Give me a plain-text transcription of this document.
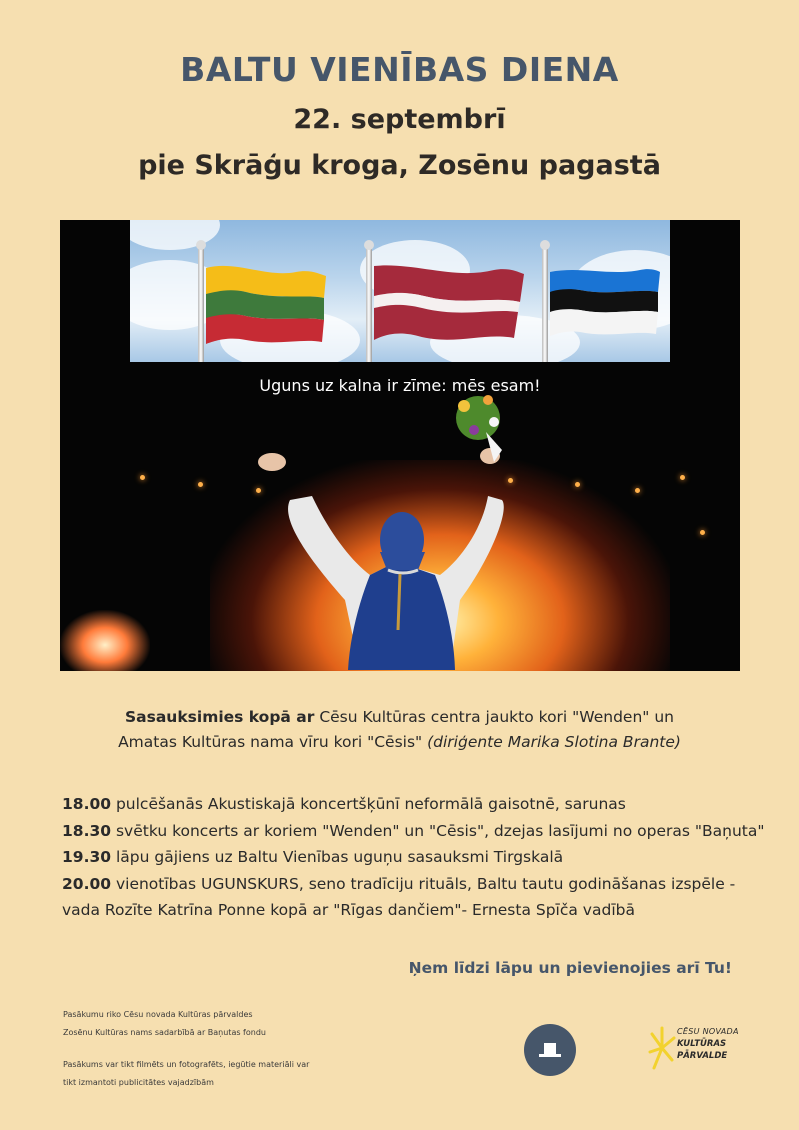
BALTU VIENĪBAS DIENA
22. septembrī
pie Skrāģu kroga, Zosēnu pagastā
Uguns uz kalna ir zīme: mēs esam!
Sasauksimies kopā ar Cēsu Kultūras centra jaukto kori "Wenden" un
Amatas Kultūras nama vīru kori "Cēsis" (diriģente Marika Slotina Brante)
18.00 pulcēšanās Akustiskajā koncertšķūnī neformālā gaisotnē, sarunas
18.30 svētku koncerts ar koriem "Wenden" un "Cēsis", dzejas lasījumi no operas "Baņuta"
19.30 lāpu gājiens uz Baltu Vienības uguņu sasauksmi Tirgskalā
20.00 vienotības UGUNSKURS, seno tradīciju rituāls, Baltu tautu godināšanas izspēle -
vada Rozīte Katrīna Ponne kopā ar "Rīgas dančiem"- Ernesta Spīča vadībā
Ņem līdzi lāpu un pievienojies arī Tu!
Pasākumu riko Cēsu novada Kultūras pārvaldes
Zosēnu Kultūras nams sadarbībā ar Baņutas fondu
Pasākums var tikt filmēts un fotografēts, iegūtie materiāli var
tikt izmantoti publicitātes vajadzībām
CĒSU NOVADA
KULTŪRAS
PĀRVALDE
